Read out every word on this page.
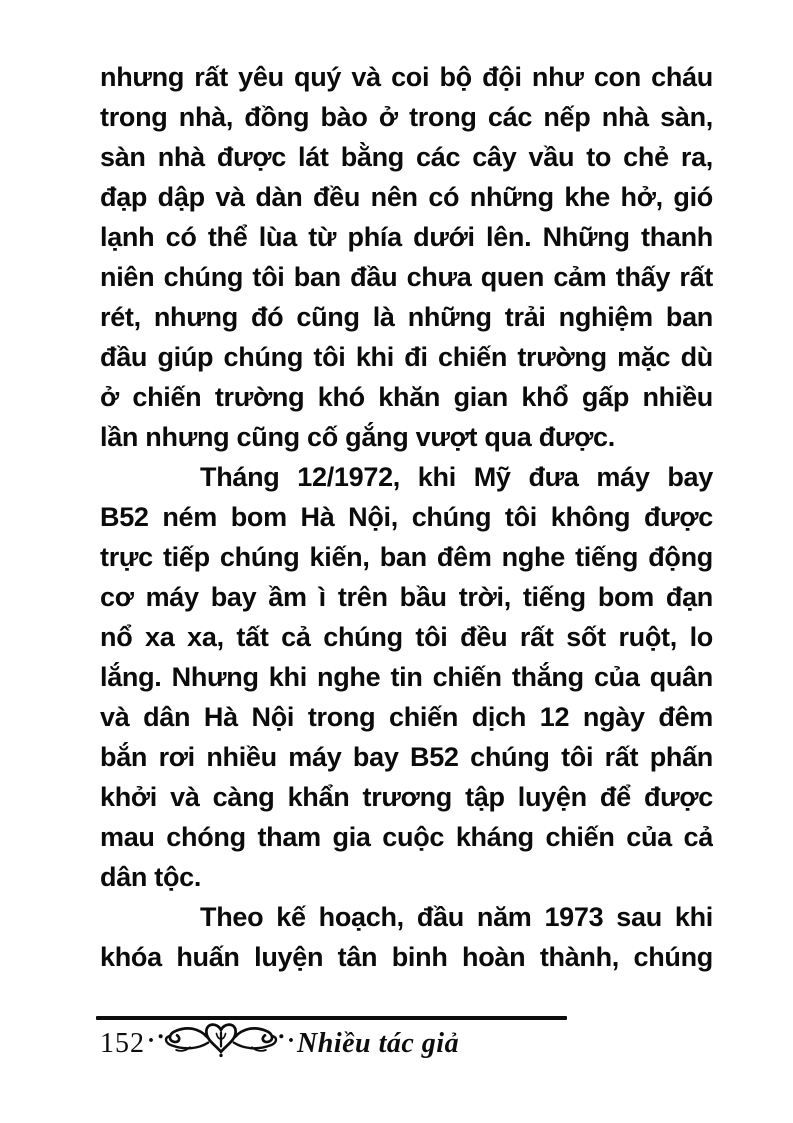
nhưng rất yêu quý và coi bộ đội như con cháu
trong nhà, đồng bào ở trong các nếp nhà sàn,
sàn nhà được lát bằng các cây vầu to chẻ ra,
đạp dập và dàn đều nên có những khe hở, gió
lạnh có thể lùa từ phía dưới lên. Những thanh
niên chúng tôi ban đầu chưa quen cảm thấy rất
rét, nhưng đó cũng là những trải nghiệm ban
đầu giúp chúng tôi khi đi chiến trường mặc dù
ở chiến trường khó khăn gian khổ gấp nhiều
lần nhưng cũng cố gắng vượt qua được.
Tháng 12/1972, khi Mỹ đưa máy bay
B52 ném bom Hà Nội, chúng tôi không được
trực tiếp chúng kiến, ban đêm nghe tiếng động
cơ máy bay ầm ì trên bầu trời, tiếng bom đạn
nổ xa xa, tất cả chúng tôi đều rất sốt ruột, lo
lắng. Nhưng khi nghe tin chiến thắng của quân
và dân Hà Nội trong chiến dịch 12 ngày đêm
bắn rơi nhiều máy bay B52 chúng tôi rất phấn
khởi và càng khẩn trương tập luyện để được
mau chóng tham gia cuộc kháng chiến của cả
dân tộc.
Theo kế hoạch, đầu năm 1973 sau khi
khóa huấn luyện tân binh hoàn thành, chúng
152 ·	· Nhiều tác giả
